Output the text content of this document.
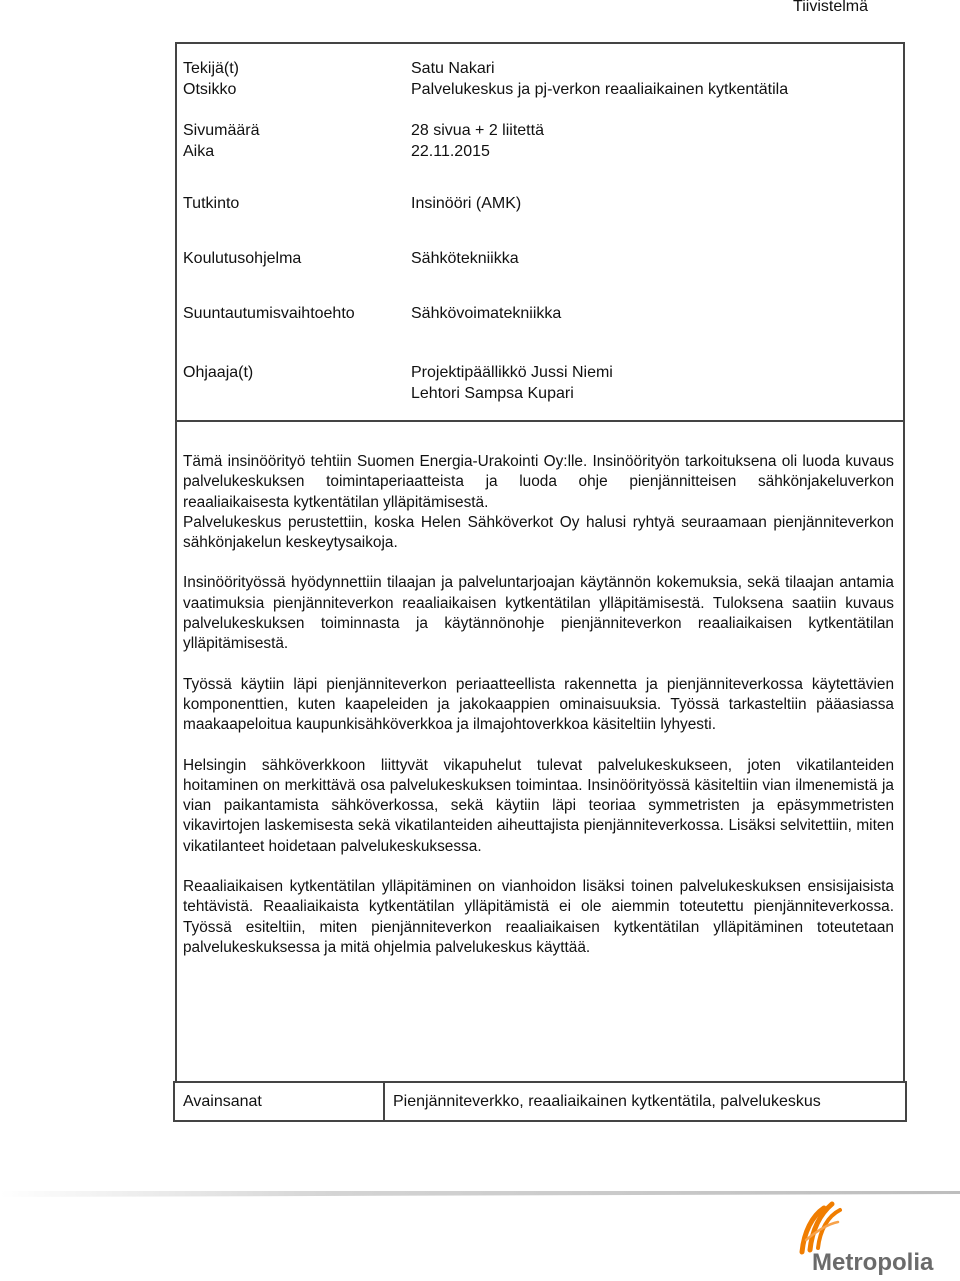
Tiivistelmä
Tekijä(t)	Satu Nakari
Otsikko	Palvelukeskus ja pj-verkon reaaliaikainen kytkentätila
Sivumäärä	28 sivua + 2 liitettä
Aika	22.11.2015
Tutkinto	Insinööri (AMK)
Koulutusohjelma	Sähkötekniikka
Suuntautumisvaihtoehto	Sähkövoimatekniikka
Ohjaaja(t)	Projektipäällikkö Jussi Niemi
Lehtori Sampsa Kupari

Tämä insinöörityö tehtiin Suomen Energia-Urakointi Oy:lle. Insinöörityön tarkoituksena oli luoda kuvaus palvelukeskuksen toimintaperiaatteista ja luoda ohje pienjännitteisen sähkönjakeluverkon reaaliaikaisesta kytkentätilan ylläpitämisestä.

Palvelukeskus perustettiin, koska Helen Sähköverkot Oy halusi ryhtyä seuraamaan pienjänniteverkon sähkönjakelun keskeytysaikoja.

Insinöörityössä hyödynnettiin tilaajan ja palveluntarjoajan käytännön kokemuksia, sekä tilaajan antamia vaatimuksia pienjänniteverkon reaaliaikaisen kytkentätilan ylläpitämisestä. Tuloksena saatiin kuvaus palvelukeskuksen toiminnasta ja käytännönohje pienjänniteverkon reaaliaikaisen kytkentätilan ylläpitämisestä.

Työssä käytiin läpi pienjänniteverkon periaatteellista rakennetta ja pienjänniteverkossa käytettävien komponenttien, kuten kaapeleiden ja jakokaappien ominaisuuksia. Työssä tarkasteltiin pääasiassa maakaapeloitua kaupunkisähköverkkoa ja ilmajohtoverkkoa käsiteltiin lyhyesti.

Helsingin sähköverkkoon liittyvät vikapuhelut tulevat palvelukeskukseen, joten vikatilanteiden hoitaminen on merkittävä osa palvelukeskuksen toimintaa. Insinöörityössä käsiteltiin vian ilmenemistä ja vian paikantamista sähköverkossa, sekä käytiin läpi teoriaa symmetristen ja epäsymmetristen vikavirtojen laskemisesta sekä vikatilanteiden aiheuttajista pienjänniteverkossa. Lisäksi selvitettiin, miten vikatilanteet hoidetaan palvelukeskuksessa.

Reaaliaikaisen kytkentätilan ylläpitäminen on vianhoidon lisäksi toinen palvelukeskuksen ensisijaisista tehtävistä. Reaaliaikaista kytkentätilan ylläpitämistä ei ole aiemmin toteutettu pienjänniteverkossa. Työssä esiteltiin, miten pienjänniteverkon reaaliaikaisen kytkentätilan ylläpitäminen toteutetaan palvelukeskuksessa ja mitä ohjelmia palvelukeskus käyttää.

Avainsanat	Pienjänniteverkko, reaaliaikainen kytkentätila, palvelukeskus
Metropolia
